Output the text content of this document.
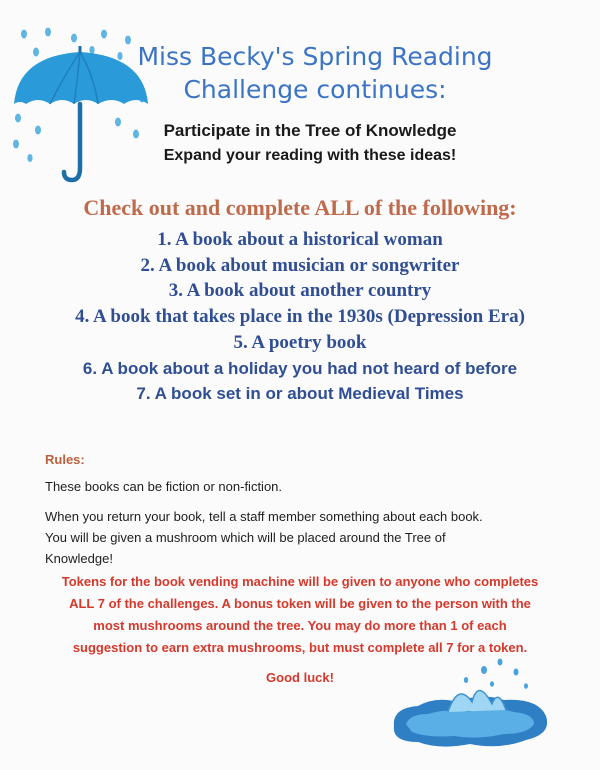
Miss Becky's Spring Reading
Challenge continues:
Participate in the Tree of Knowledge
Expand your reading with these ideas!
Check out and complete ALL of the following:
1. A book about a historical woman
2. A book about musician or songwriter
3. A book about another country
4. A book that takes place in the 1930s (Depression Era)
5. A poetry book
6. A book about a holiday you had not heard of before
7. A book set in or about Medieval Times
Rules:
These books can be fiction or non-fiction.
When you return your book, tell a staff member something about each book.
You will be given a mushroom which will be placed around the Tree of
Knowledge!
Tokens for the book vending machine will be given to anyone who completes
ALL 7 of the challenges. A bonus token will be given to the person with the
most mushrooms around the tree. You may do more than 1 of each
suggestion to earn extra mushrooms, but must complete all 7 for a token.
Good luck!
